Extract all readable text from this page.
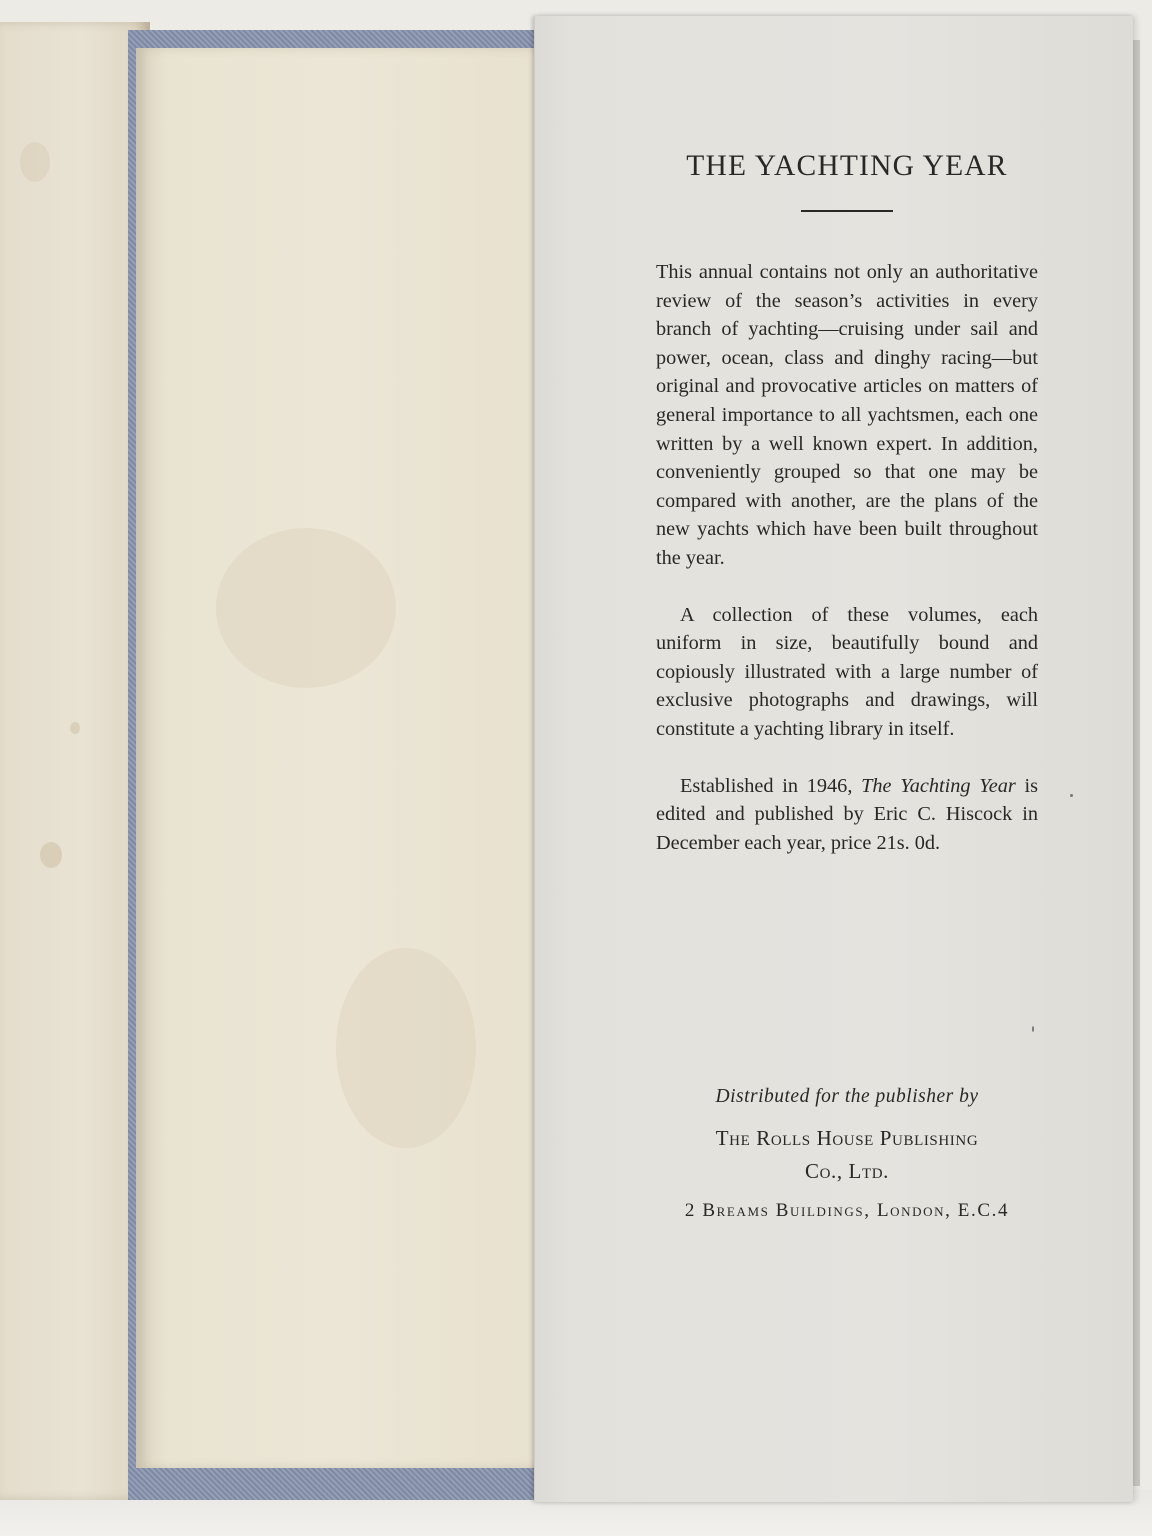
THE YACHTING YEAR

This annual contains not only an authoritative review of the season’s activities in every branch of yachting—cruising under sail and power, ocean, class and dinghy racing—but original and provocative articles on matters of general importance to all yachtsmen, each one written by a well known expert. In addition, conveniently grouped so that one may be compared with another, are the plans of the new yachts which have been built throughout the year.

A collection of these volumes, each uniform in size, beautifully bound and copiously illustrated with a large number of exclusive photographs and drawings, will constitute a yachting library in itself.

Established in 1946, The Yachting Year is edited and published by Eric C. Hiscock in December each year, price 21s. 0d.

Distributed for the publisher by

The Rolls House Publishing
Co., Ltd.

2 Breams Buildings, London, E.C.4
